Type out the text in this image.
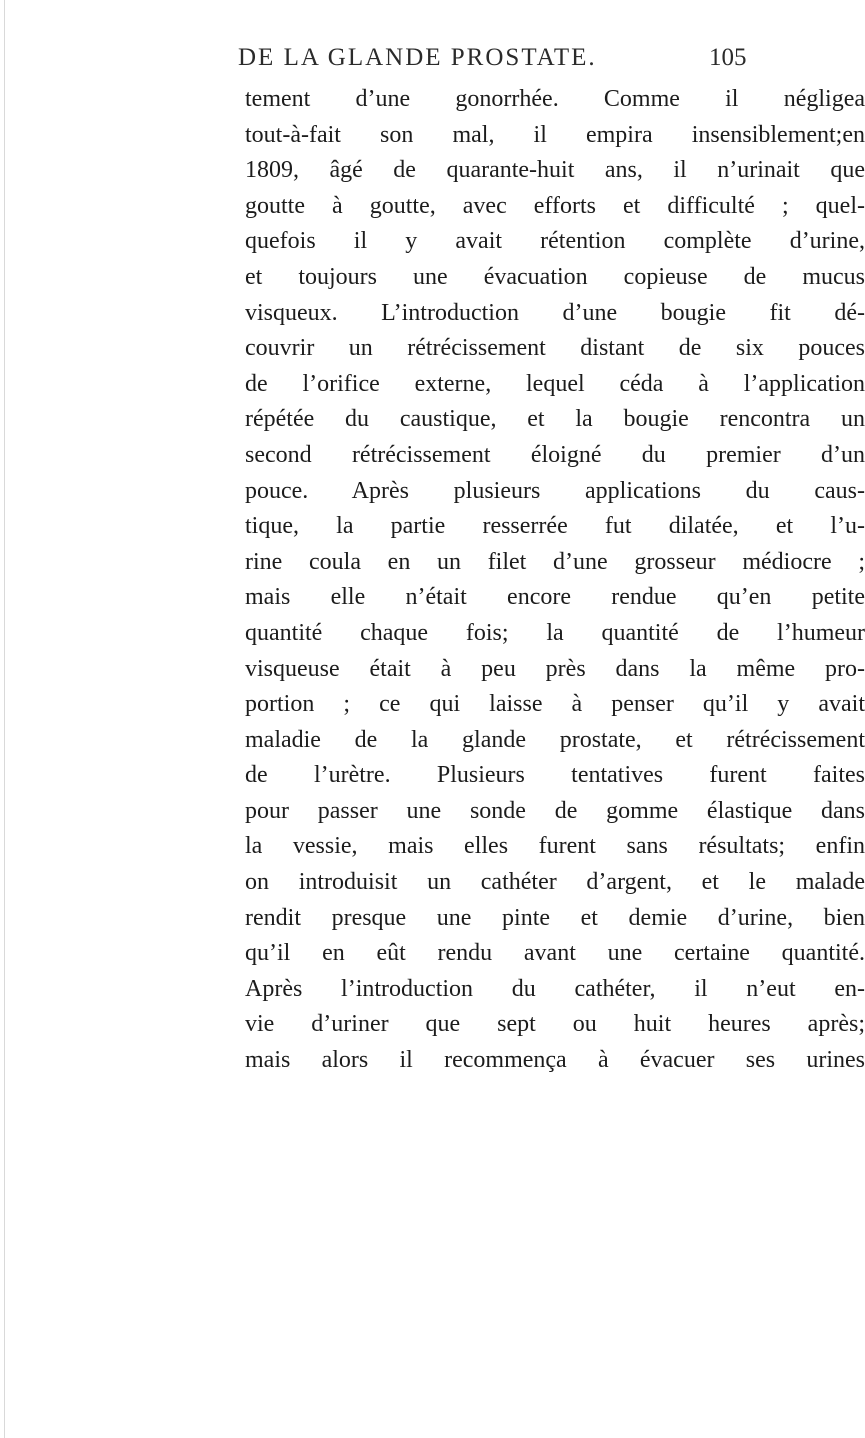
DE LA GLANDE PROSTATE.	105
tement d’une gonorrhée. Comme il négligea
tout-à-fait son mal, il empira insensiblement;en
1809, âgé de quarante-huit ans, il n’urinait que
goutte à goutte, avec efforts et difficulté ; quel-
quefois il y avait rétention complète d’urine,
et toujours une évacuation copieuse de mucus
visqueux. L’introduction d’une bougie fit dé-
couvrir un rétrécissement distant de six pouces
de l’orifice externe, lequel céda à l’application
répétée du caustique, et la bougie rencontra un
second rétrécissement éloigné du premier d’un
pouce. Après plusieurs applications du caus-
tique, la partie resserrée fut dilatée, et l’u-
rine coula en un filet d’une grosseur médiocre ;
mais elle n’était encore rendue qu’en petite
quantité chaque fois; la quantité de l’humeur
visqueuse était à peu près dans la même pro-
portion ; ce qui laisse à penser qu’il y avait
maladie de la glande prostate, et rétrécissement
de l’urètre. Plusieurs tentatives furent faites
pour passer une sonde de gomme élastique dans
la vessie, mais elles furent sans résultats; enfin
on introduisit un cathéter d’argent, et le malade
rendit presque une pinte et demie d’urine, bien
qu’il en eût rendu avant une certaine quantité.
Après l’introduction du cathéter, il n’eut en-
vie d’uriner que sept ou huit heures après;
mais alors il recommença à évacuer ses urines
